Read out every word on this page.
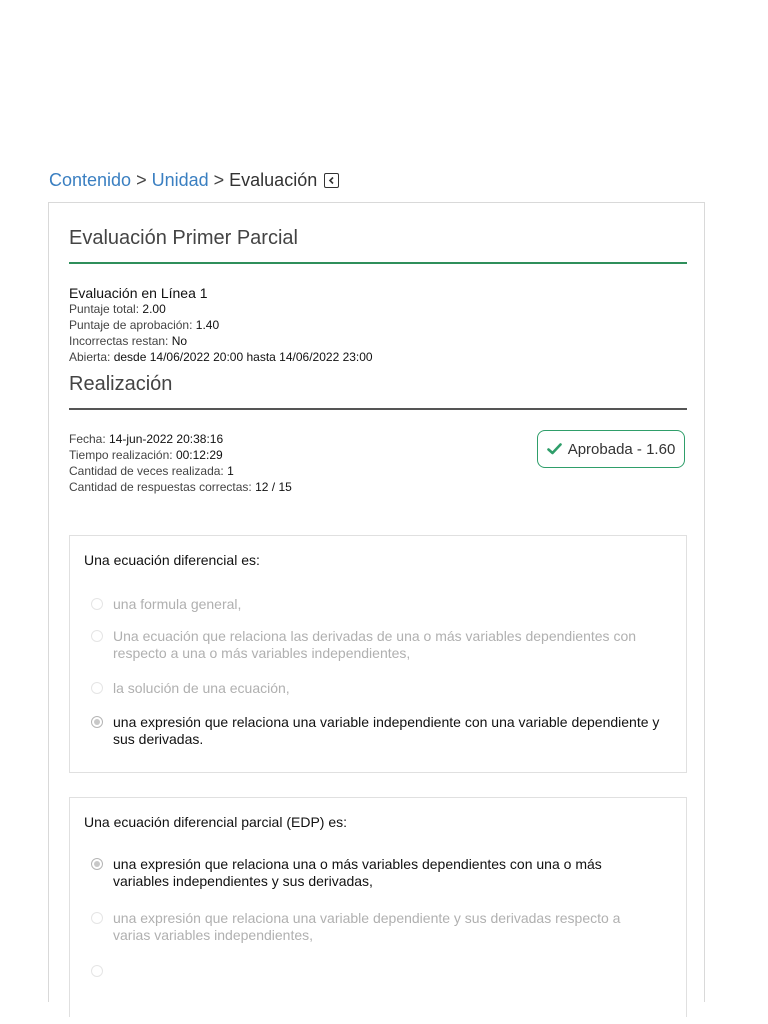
Contenido > Unidad > Evaluación
Evaluación Primer Parcial
Evaluación en Línea 1
Puntaje total: 2.00
Puntaje de aprobación: 1.40
Incorrectas restan: No
Abierta: desde 14/06/2022 20:00 hasta 14/06/2022 23:00
Realización
Fecha: 14-jun-2022 20:38:16
Tiempo realización: 00:12:29
Cantidad de veces realizada: 1
Cantidad de respuestas correctas: 12 / 15
Aprobada - 1.60
Una ecuación diferencial es:
una formula general,
Una ecuación que relaciona las derivadas de una o más variables dependientes con respecto a una o más variables independientes,
la solución de una ecuación,
una expresión que relaciona una variable independiente con una variable dependiente y sus derivadas.
Una ecuación diferencial parcial (EDP) es:
una expresión que relaciona una o más variables dependientes con una o más variables independientes y sus derivadas,
una expresión que relaciona una variable dependiente y sus derivadas respecto a varias variables independientes,
